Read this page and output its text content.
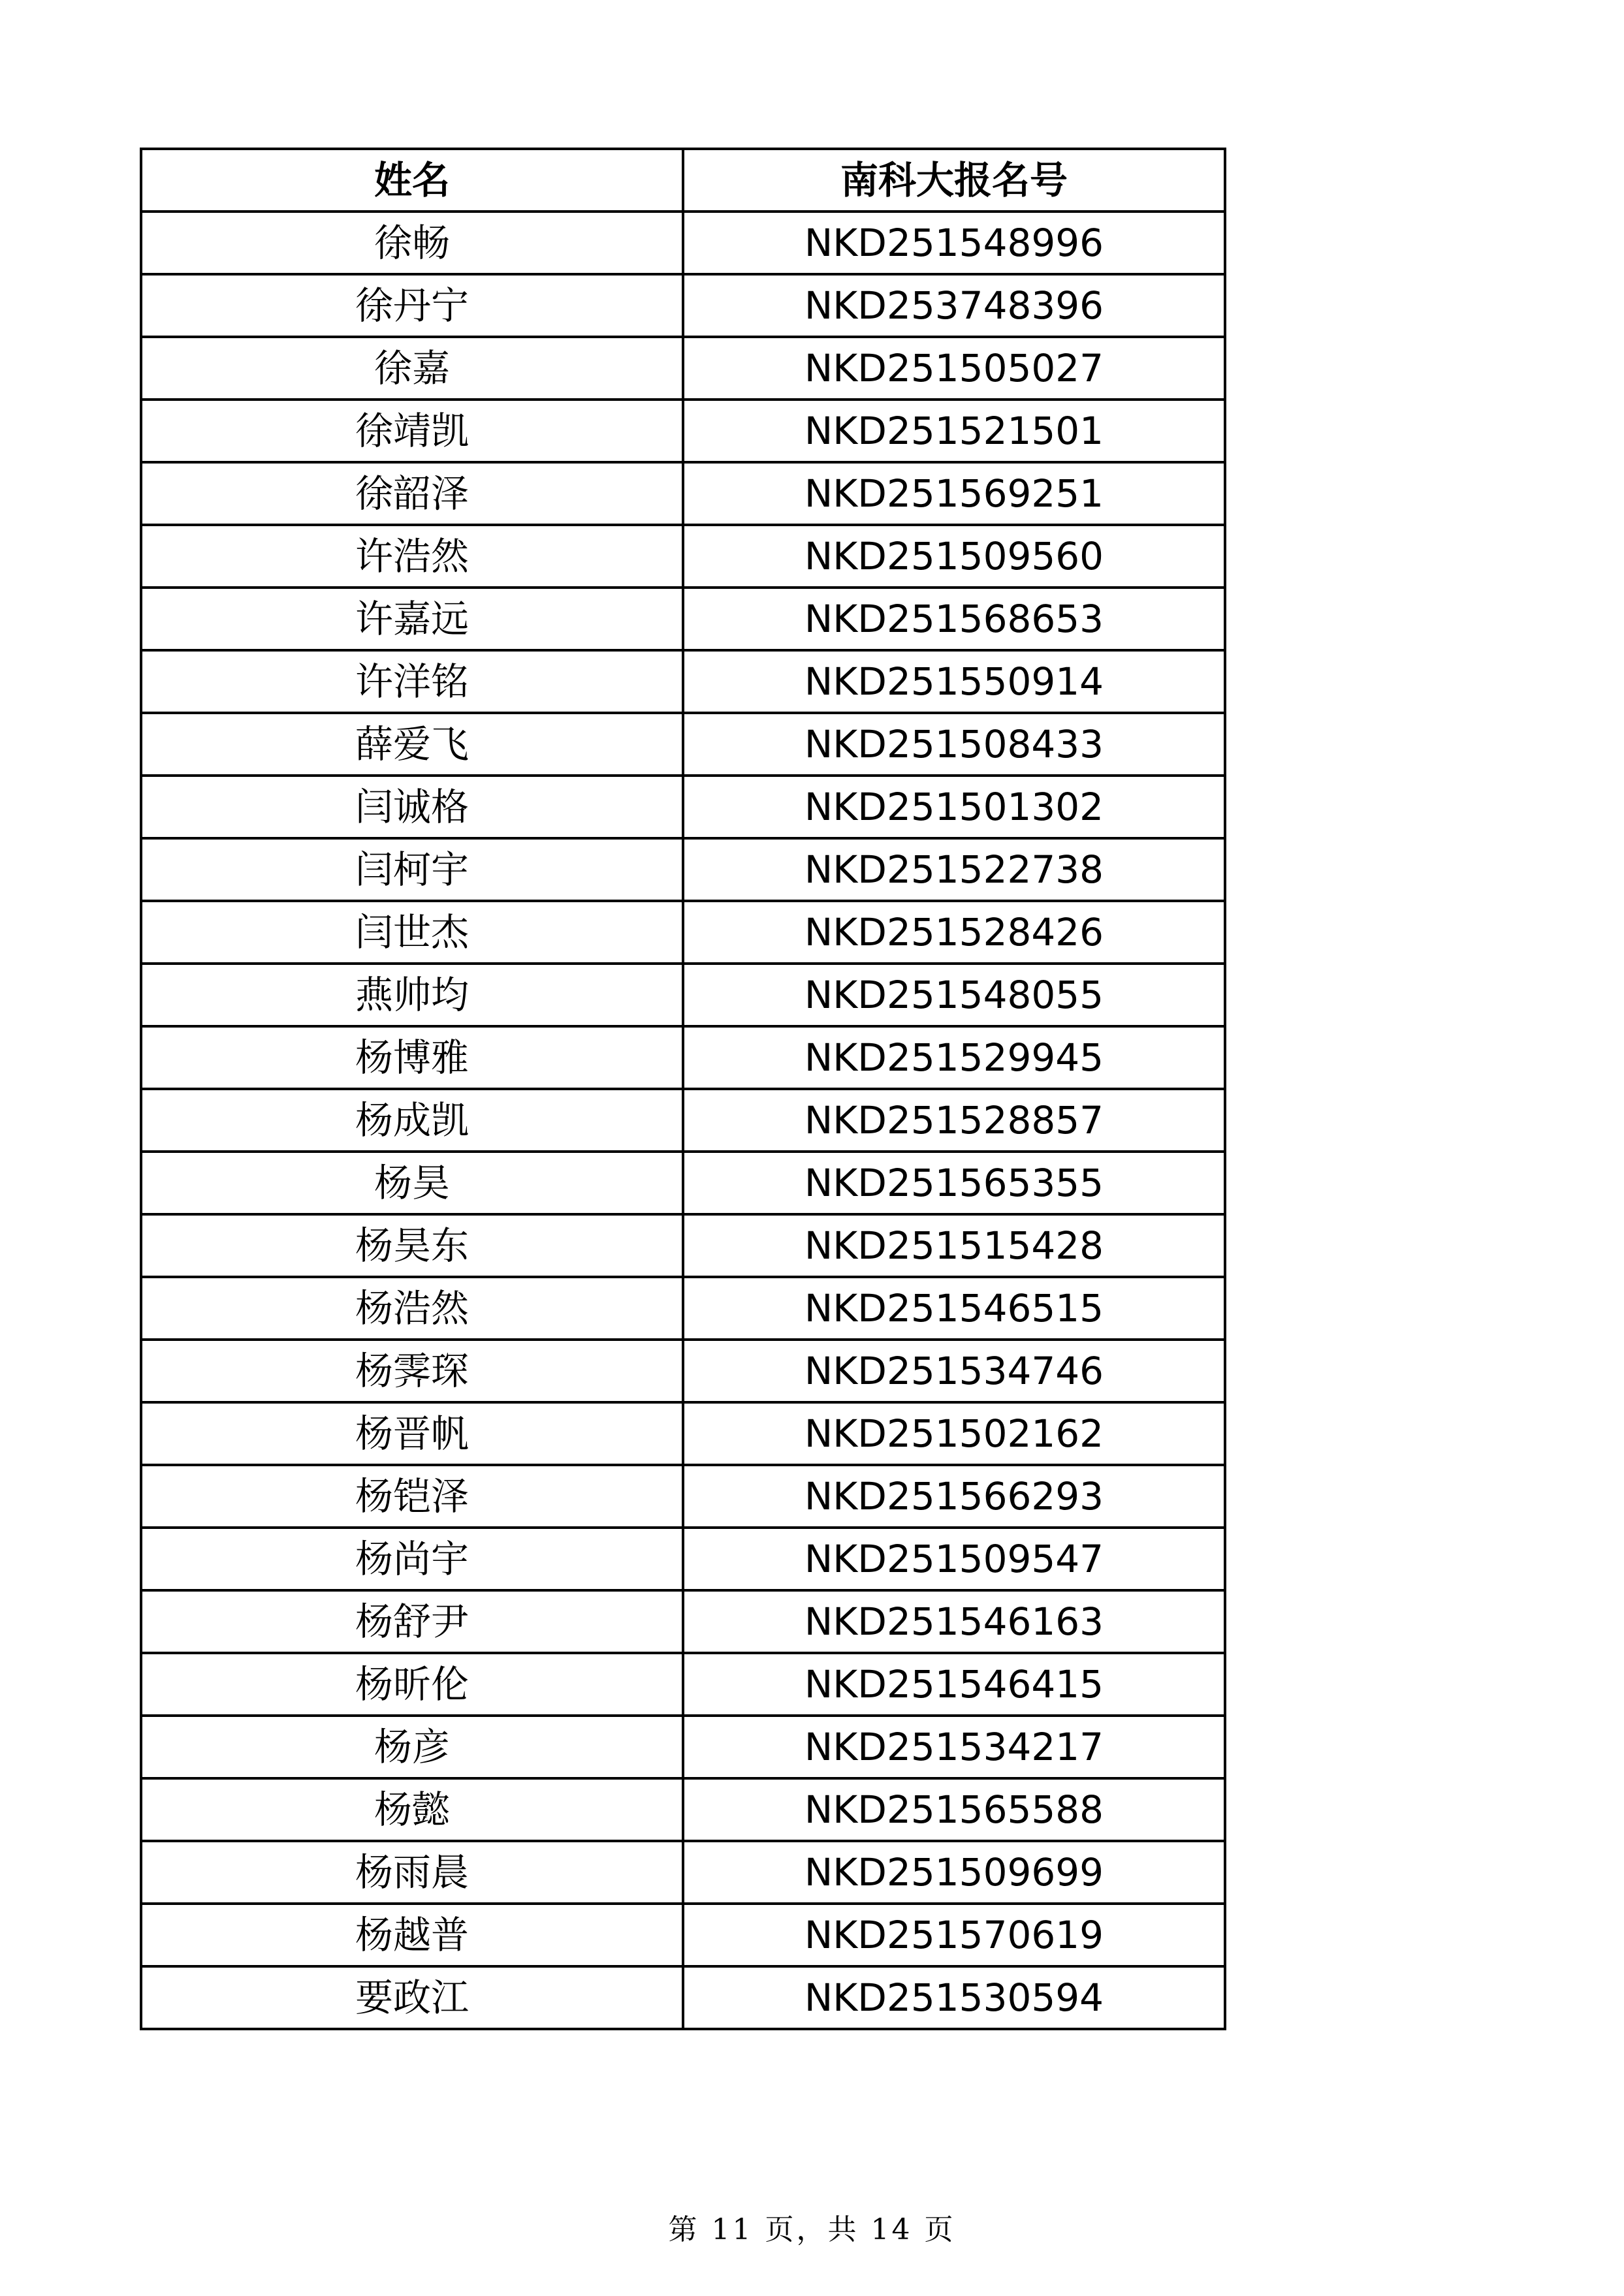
姓名	南科大报名号
徐畅	NKD251548996
徐丹宁	NKD253748396
徐嘉	NKD251505027
徐靖凯	NKD251521501
徐韶泽	NKD251569251
许浩然	NKD251509560
许嘉远	NKD251568653
许洋铭	NKD251550914
薛爱飞	NKD251508433
闫诚格	NKD251501302
闫柯宇	NKD251522738
闫世杰	NKD251528426
燕帅均	NKD251548055
杨博雅	NKD251529945
杨成凯	NKD251528857
杨昊	NKD251565355
杨昊东	NKD251515428
杨浩然	NKD251546515
杨霁琛	NKD251534746
杨晋帆	NKD251502162
杨铠泽	NKD251566293
杨尚宇	NKD251509547
杨舒尹	NKD251546163
杨昕伦	NKD251546415
杨彦	NKD251534217
杨懿	NKD251565588
杨雨晨	NKD251509699
杨越普	NKD251570619
要政江	NKD251530594
第 11 页，共 14 页
